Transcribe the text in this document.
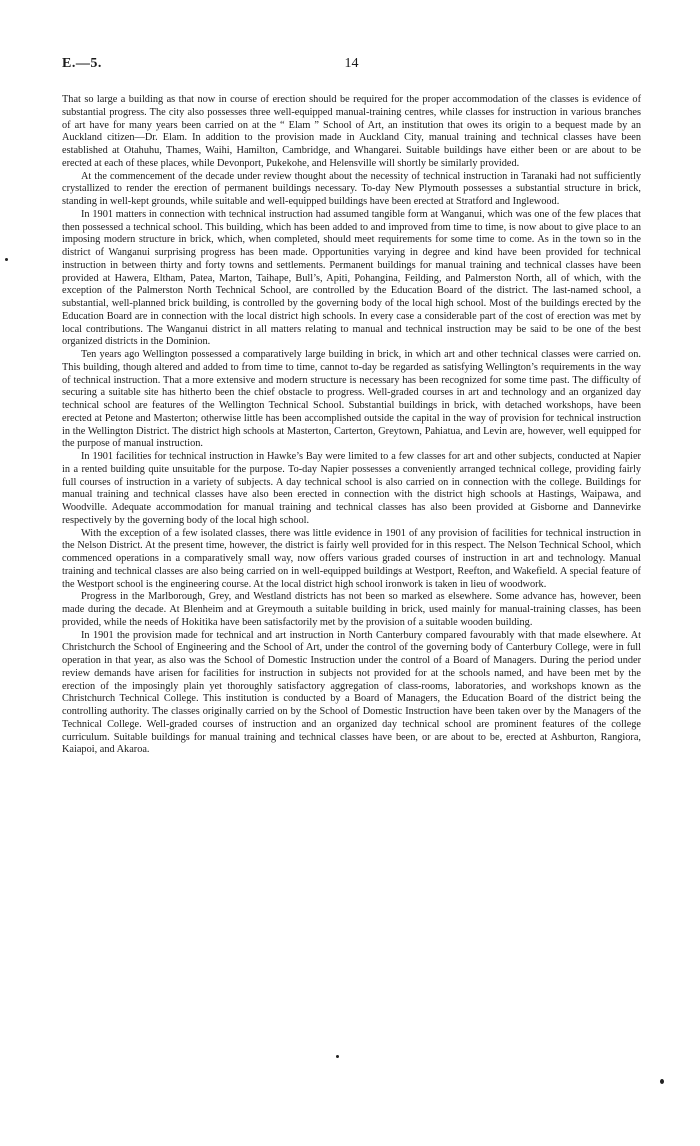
E.—5.	14

That so large a building as that now in course of erection should be required for the proper accommodation of the classes is evidence of substantial progress. The city also possesses three well-equipped manual-training centres, while classes for instruction in various branches of art have for many years been carried on at the “ Elam ” School of Art, an institution that owes its origin to a bequest made by an Auckland citizen—Dr. Elam. In addition to the provision made in Auckland City, manual training and technical classes have been established at Otahuhu, Thames, Waihi, Hamilton, Cambridge, and Whangarei. Suitable buildings have either been or are about to be erected at each of these places, while Devonport, Pukekohe, and Helensville will shortly be similarly provided.

At the commencement of the decade under review thought about the necessity of technical instruction in Taranaki had not sufficiently crystallized to render the erection of permanent buildings necessary. To-day New Plymouth possesses a substantial structure in brick, standing in well-kept grounds, while suitable and well-equipped buildings have been erected at Stratford and Inglewood.

In 1901 matters in connection with technical instruction had assumed tangible form at Wanganui, which was one of the few places that then possessed a technical school. This building, which has been added to and improved from time to time, is now about to give place to an imposing modern structure in brick, which, when completed, should meet requirements for some time to come. As in the town so in the district of Wanganui surprising progress has been made. Opportunities varying in degree and kind have been provided for technical instruction in between thirty and forty towns and settlements. Permanent buildings for manual training and technical classes have been provided at Hawera, Eltham, Patea, Marton, Taihape, Bull’s, Apiti, Pohangina, Feilding, and Palmerston North, all of which, with the exception of the Palmerston North Technical School, are controlled by the Education Board of the district. The last-named school, a substantial, well-planned brick building, is controlled by the governing body of the local high school. Most of the buildings erected by the Education Board are in connection with the local district high schools. In every case a considerable part of the cost of erection was met by local contributions. The Wanganui district in all matters relating to manual and technical instruction may be said to be one of the best organized districts in the Dominion.

Ten years ago Wellington possessed a comparatively large building in brick, in which art and other technical classes were carried on. This building, though altered and added to from time to time, cannot to-day be regarded as satisfying Wellington’s requirements in the way of technical instruction. That a more extensive and modern structure is necessary has been recognized for some time past. The difficulty of securing a suitable site has hitherto been the chief obstacle to progress. Well-graded courses in art and technology and an organized day technical school are features of the Wellington Technical School. Substantial buildings in brick, with detached workshops, have been erected at Petone and Masterton; otherwise little has been accomplished outside the capital in the way of provision for technical instruction in the Wellington District. The district high schools at Masterton, Carterton, Greytown, Pahiatua, and Levin are, however, well equipped for the purpose of manual instruction.

In 1901 facilities for technical instruction in Hawke’s Bay were limited to a few classes for art and other subjects, conducted at Napier in a rented building quite unsuitable for the purpose. To-day Napier possesses a conveniently arranged technical college, providing fairly full courses of instruction in a variety of subjects. A day technical school is also carried on in connection with the college. Buildings for manual training and technical classes have also been erected in connection with the district high schools at Hastings, Waipawa, and Woodville. Adequate accommodation for manual training and technical classes has also been provided at Gisborne and Dannevirke respectively by the governing body of the local high school.

With the exception of a few isolated classes, there was little evidence in 1901 of any provision of facilities for technical instruction in the Nelson District. At the present time, however, the district is fairly well provided for in this respect. The Nelson Technical School, which commenced operations in a comparatively small way, now offers various graded courses of instruction in art and technology. Manual training and technical classes are also being carried on in well-equipped buildings at Westport, Reefton, and Wakefield. A special feature of the Westport school is the engineering course. At the local district high school ironwork is taken in lieu of woodwork.

Progress in the Marlborough, Grey, and Westland districts has not been so marked as elsewhere. Some advance has, however, been made during the decade. At Blenheim and at Greymouth a suitable building in brick, used mainly for manual-training classes, has been provided, while the needs of Hokitika have been satisfactorily met by the provision of a suitable wooden building.

In 1901 the provision made for technical and art instruction in North Canterbury compared favourably with that made elsewhere. At Christchurch the School of Engineering and the School of Art, under the control of the governing body of Canterbury College, were in full operation in that year, as also was the School of Domestic Instruction under the control of a Board of Managers. During the period under review demands have arisen for facilities for instruction in subjects not provided for at the schools named, and have been met by the erection of the imposingly plain yet thoroughly satisfactory aggregation of class-rooms, laboratories, and workshops known as the Christchurch Technical College. This institution is conducted by a Board of Managers, the Education Board of the district being the controlling authority. The classes originally carried on by the School of Domestic Instruction have been taken over by the Managers of the Technical College. Well-graded courses of instruction and an organized day technical school are prominent features of the college curriculum. Suitable buildings for manual training and technical classes have been, or are about to be, erected at Ashburton, Rangiora, Kaiapoi, and Akaroa.
